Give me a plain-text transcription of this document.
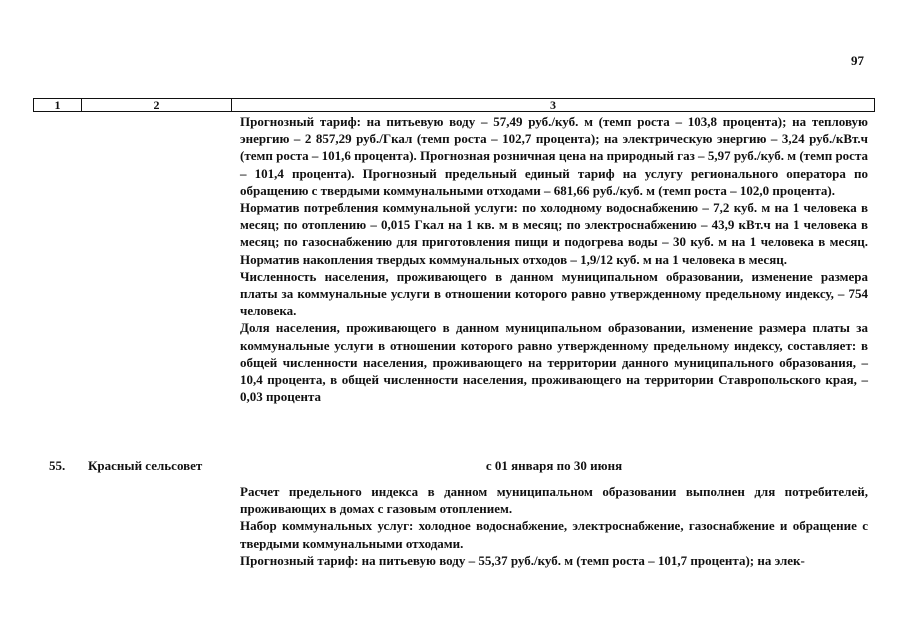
97
1	2	3

Прогнозный тариф: на питьевую воду – 57,49 руб./куб. м (темп роста – 103,8 процента); на тепловую энергию – 2 857,29 руб./Гкал (темп роста – 102,7 процента); на электрическую энергию – 3,24 руб./кВт.ч (темп роста – 101,6 процента). Прогнозная розничная цена на природный газ – 5,97 руб./куб. м (темп роста – 101,4 процента). Прогнозный предельный единый тариф на услугу регионального оператора по обращению с твердыми коммунальными отходами – 681,66 руб./куб. м (темп роста – 102,0 процента).

Норматив потребления коммунальной услуги: по холодному водоснабжению – 7,2 куб. м на 1 человека в месяц; по отоплению – 0,015 Гкал на 1 кв. м в месяц; по электроснабжению – 43,9 кВт.ч на 1 человека в месяц; по газоснабжению для приготовления пищи и подогрева воды – 30 куб. м на 1 человека в месяц. Норматив накопления твердых коммунальных отходов – 1,9/12 куб. м на 1 человека в месяц.

Численность населения, проживающего в данном муниципальном образовании, изменение размера платы за коммунальные услуги в отношении которого равно утвержденному предельному индексу, – 754 человека.

Доля населения, проживающего в данном муниципальном образовании, изменение размера платы за коммунальные услуги в отношении которого равно утвержденному предельному индексу, составляет: в общей численности населения, проживающего на территории данного муниципального образования, – 10,4 процента, в общей численности населения, проживающего на территории Ставропольского края, – 0,03 процента

55. Красный сельсовет	с 01 января по 30 июня

Расчет предельного индекса в данном муниципальном образовании выполнен для потребителей, проживающих в домах с газовым отоплением.

Набор коммунальных услуг: холодное водоснабжение, электроснабжение, газоснабжение и обращение с твердыми коммунальными отходами.

Прогнозный тариф: на питьевую воду – 55,37 руб./куб. м (темп роста – 101,7 процента); на элек-
